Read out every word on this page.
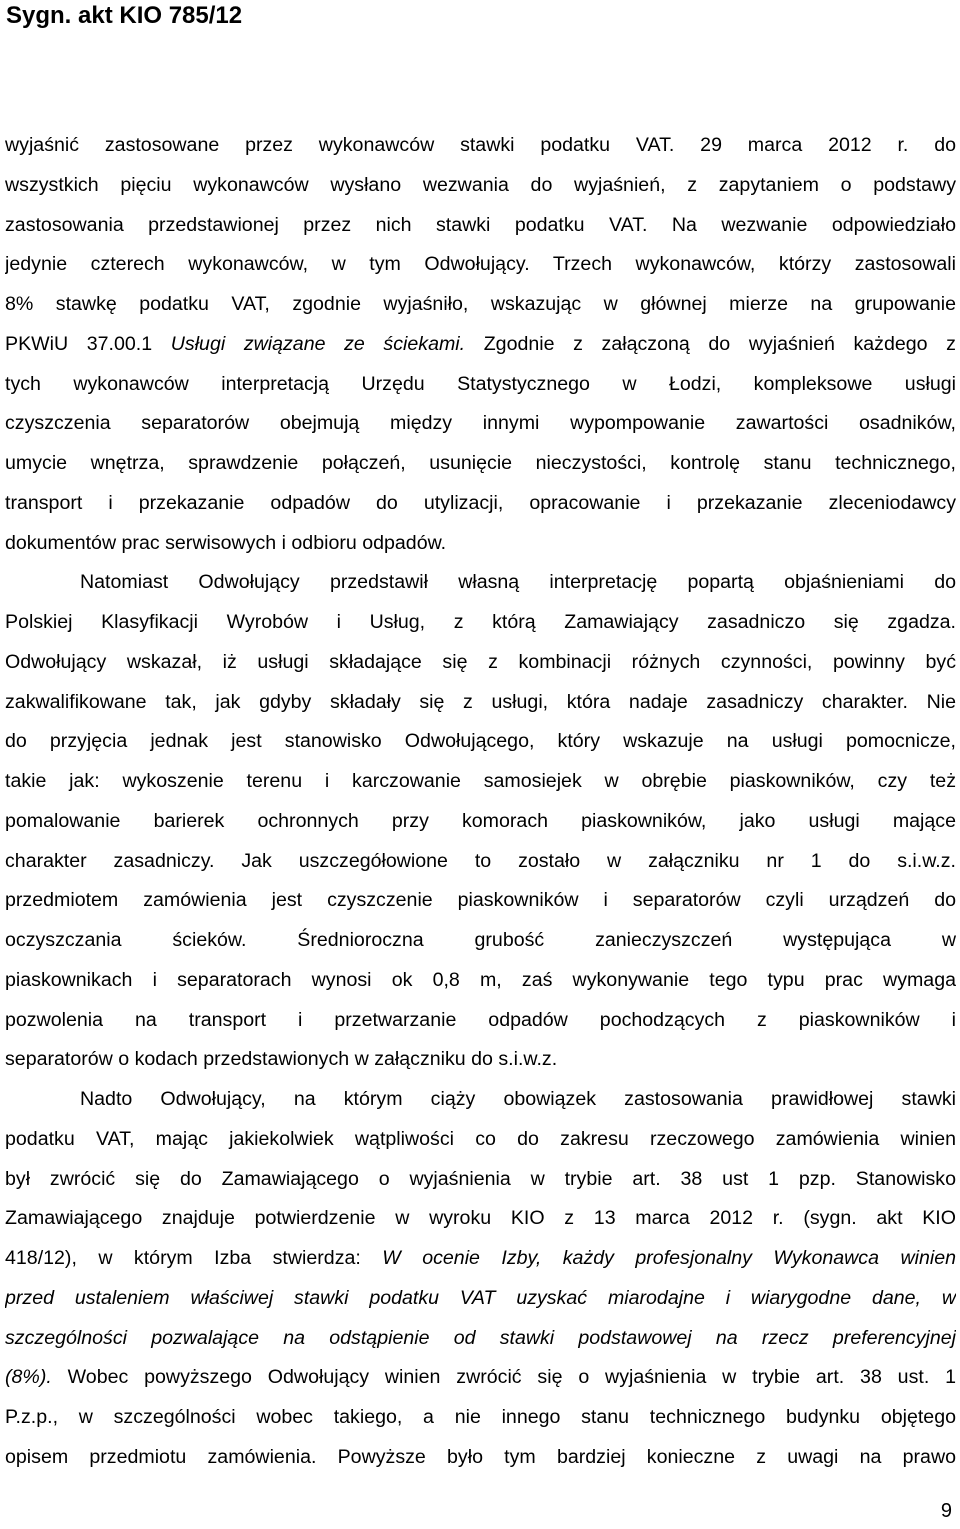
Sygn. akt KIO 785/12
wyjaśnić zastosowane przez wykonawców stawki podatku VAT. 29 marca 2012 r. do
wszystkich pięciu wykonawców wysłano wezwania do wyjaśnień, z zapytaniem o podstawy
zastosowania przedstawionej przez nich stawki podatku VAT. Na wezwanie odpowiedziało
jedynie czterech wykonawców, w tym Odwołujący. Trzech wykonawców, którzy zastosowali
8% stawkę podatku VAT, zgodnie wyjaśniło, wskazując w głównej mierze na grupowanie
PKWiU 37.00.1 Usługi związane ze ściekami. Zgodnie z załączoną do wyjaśnień każdego z
tych wykonawców interpretacją Urzędu Statystycznego w Łodzi, kompleksowe usługi
czyszczenia separatorów obejmują między innymi wypompowanie zawartości osadników,
umycie wnętrza, sprawdzenie połączeń, usunięcie nieczystości, kontrolę stanu technicznego,
transport i przekazanie odpadów do utylizacji, opracowanie i przekazanie zleceniodawcy
dokumentów prac serwisowych i odbioru odpadów.
Natomiast Odwołujący przedstawił własną interpretację popartą objaśnieniami do
Polskiej Klasyfikacji Wyrobów i Usług, z którą Zamawiający zasadniczo się zgadza.
Odwołujący wskazał, iż usługi składające się z kombinacji różnych czynności, powinny być
zakwalifikowane tak, jak gdyby składały się z usługi, która nadaje zasadniczy charakter. Nie
do przyjęcia jednak jest stanowisko Odwołującego, który wskazuje na usługi pomocnicze,
takie jak: wykoszenie terenu i karczowanie samosiejek w obrębie piaskowników, czy też
pomalowanie barierek ochronnych przy komorach piaskowników, jako usługi mające
charakter zasadniczy. Jak uszczegółowione to zostało w załączniku nr 1 do s.i.w.z.
przedmiotem zamówienia jest czyszczenie piaskowników i separatorów czyli urządzeń do
oczyszczania ścieków. Średnioroczna grubość zanieczyszczeń występująca w
piaskownikach i separatorach wynosi ok 0,8 m, zaś wykonywanie tego typu prac wymaga
pozwolenia na transport i przetwarzanie odpadów pochodzących z piaskowników i
separatorów o kodach przedstawionych w załączniku do s.i.w.z.
Nadto Odwołujący, na którym ciąży obowiązek zastosowania prawidłowej stawki
podatku VAT, mając jakiekolwiek wątpliwości co do zakresu rzeczowego zamówienia winien
był zwrócić się do Zamawiającego o wyjaśnienia w trybie art. 38 ust 1 pzp. Stanowisko
Zamawiającego znajduje potwierdzenie w wyroku KIO z 13 marca 2012 r. (sygn. akt KIO
418/12), w którym Izba stwierdza: W ocenie Izby, każdy profesjonalny Wykonawca winien
przed ustaleniem właściwej stawki podatku VAT uzyskać miarodajne i wiarygodne dane, w
szczególności pozwalające na odstąpienie od stawki podstawowej na rzecz preferencyjnej
(8%). Wobec powyższego Odwołujący winien zwrócić się o wyjaśnienia w trybie art. 38 ust. 1
P.z.p., w szczególności wobec takiego, a nie innego stanu technicznego budynku objętego
opisem przedmiotu zamówienia. Powyższe było tym bardziej konieczne z uwagi na prawo
9
